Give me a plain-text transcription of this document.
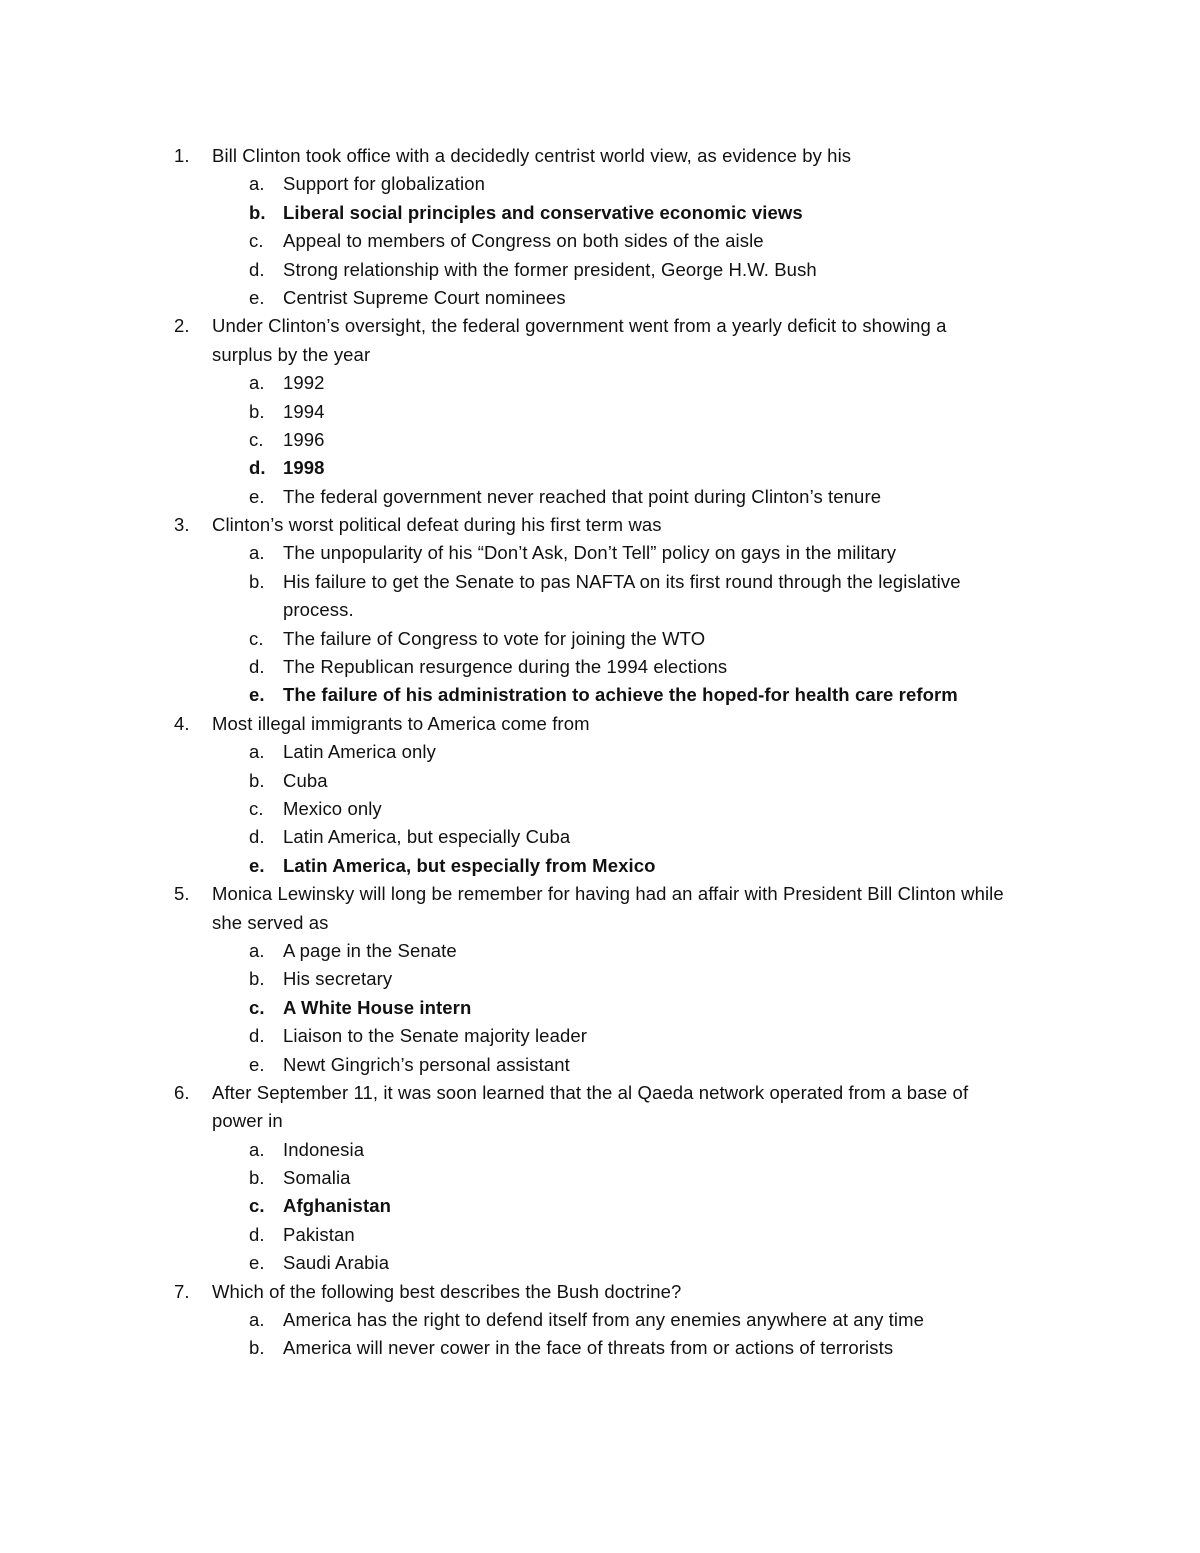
1. Bill Clinton took office with a decidedly centrist world view, as evidence by his
a. Support for globalization
b. Liberal social principles and conservative economic views
c. Appeal to members of Congress on both sides of the aisle
d. Strong relationship with the former president, George H.W. Bush
e. Centrist Supreme Court nominees
2. Under Clinton’s oversight, the federal government went from a yearly deficit to showing a
surplus by the year
a. 1992
b. 1994
c. 1996
d. 1998
e. The federal government never reached that point during Clinton’s tenure
3. Clinton’s worst political defeat during his first term was
a. The unpopularity of his “Don’t Ask, Don’t Tell” policy on gays in the military
b. His failure to get the Senate to pas NAFTA on its first round through the legislative
process.
c. The failure of Congress to vote for joining the WTO
d. The Republican resurgence during the 1994 elections
e. The failure of his administration to achieve the hoped-for health care reform
4. Most illegal immigrants to America come from
a. Latin America only
b. Cuba
c. Mexico only
d. Latin America, but especially Cuba
e. Latin America, but especially from Mexico
5. Monica Lewinsky will long be remember for having had an affair with President Bill Clinton while
she served as
a. A page in the Senate
b. His secretary
c. A White House intern
d. Liaison to the Senate majority leader
e. Newt Gingrich’s personal assistant
6. After September 11, it was soon learned that the al Qaeda network operated from a base of
power in
a. Indonesia
b. Somalia
c. Afghanistan
d. Pakistan
e. Saudi Arabia
7. Which of the following best describes the Bush doctrine?
a. America has the right to defend itself from any enemies anywhere at any time
b. America will never cower in the face of threats from or actions of terrorists
